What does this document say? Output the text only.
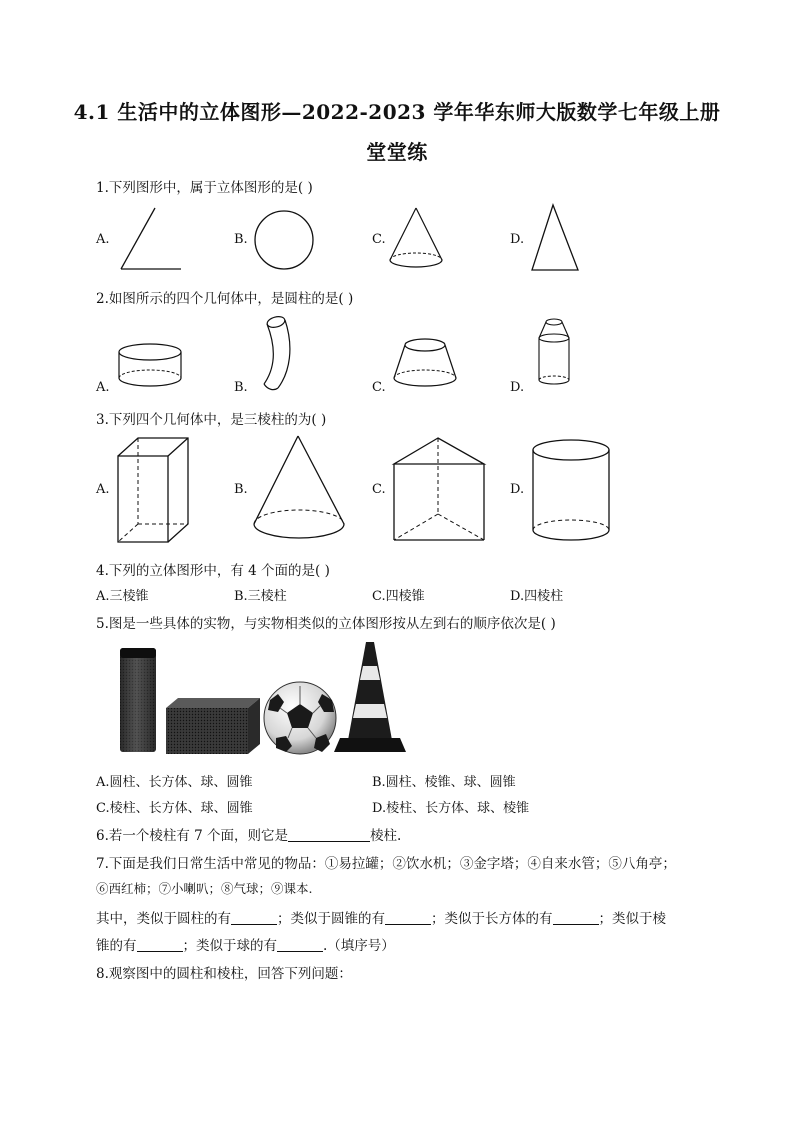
4.1 生活中的立体图形—2022-2023 学年华东师大版数学七年级上册
堂堂练
1.下列图形中，属于立体图形的是( )
A.	B.	C.	D.
2.如图所示的四个几何体中，是圆柱的是( )
A.	B.	C.	D.
3.下列四个几何体中，是三棱柱的为( )
A.	B.	C.	D.
4.下列的立体图形中，有 4 个面的是( )
A.三棱锥	B.三棱柱	C.四棱锥	D.四棱柱
5.图是一些具体的实物，与实物相类似的立体图形按从左到右的顺序依次是( )
A.圆柱、长方体、球、圆锥	B.圆柱、棱锥、球、圆锥
C.棱柱、长方体、球、圆锥	D.棱柱、长方体、球、棱锥
6.若一个棱柱有 7 个面，则它是	棱柱.
7.下面是我们日常生活中常见的物品：①易拉罐；②饮水机；③金字塔；④自来水管；⑤八角亭；
⑥西红柿；⑦小喇叭；⑧气球；⑨课本.
其中，类似于圆柱的有	；类似于圆锥的有	；类似于长方体的有	；类似于棱
锥的有	；类似于球的有	.（填序号）
8.观察图中的圆柱和棱柱，回答下列问题：
